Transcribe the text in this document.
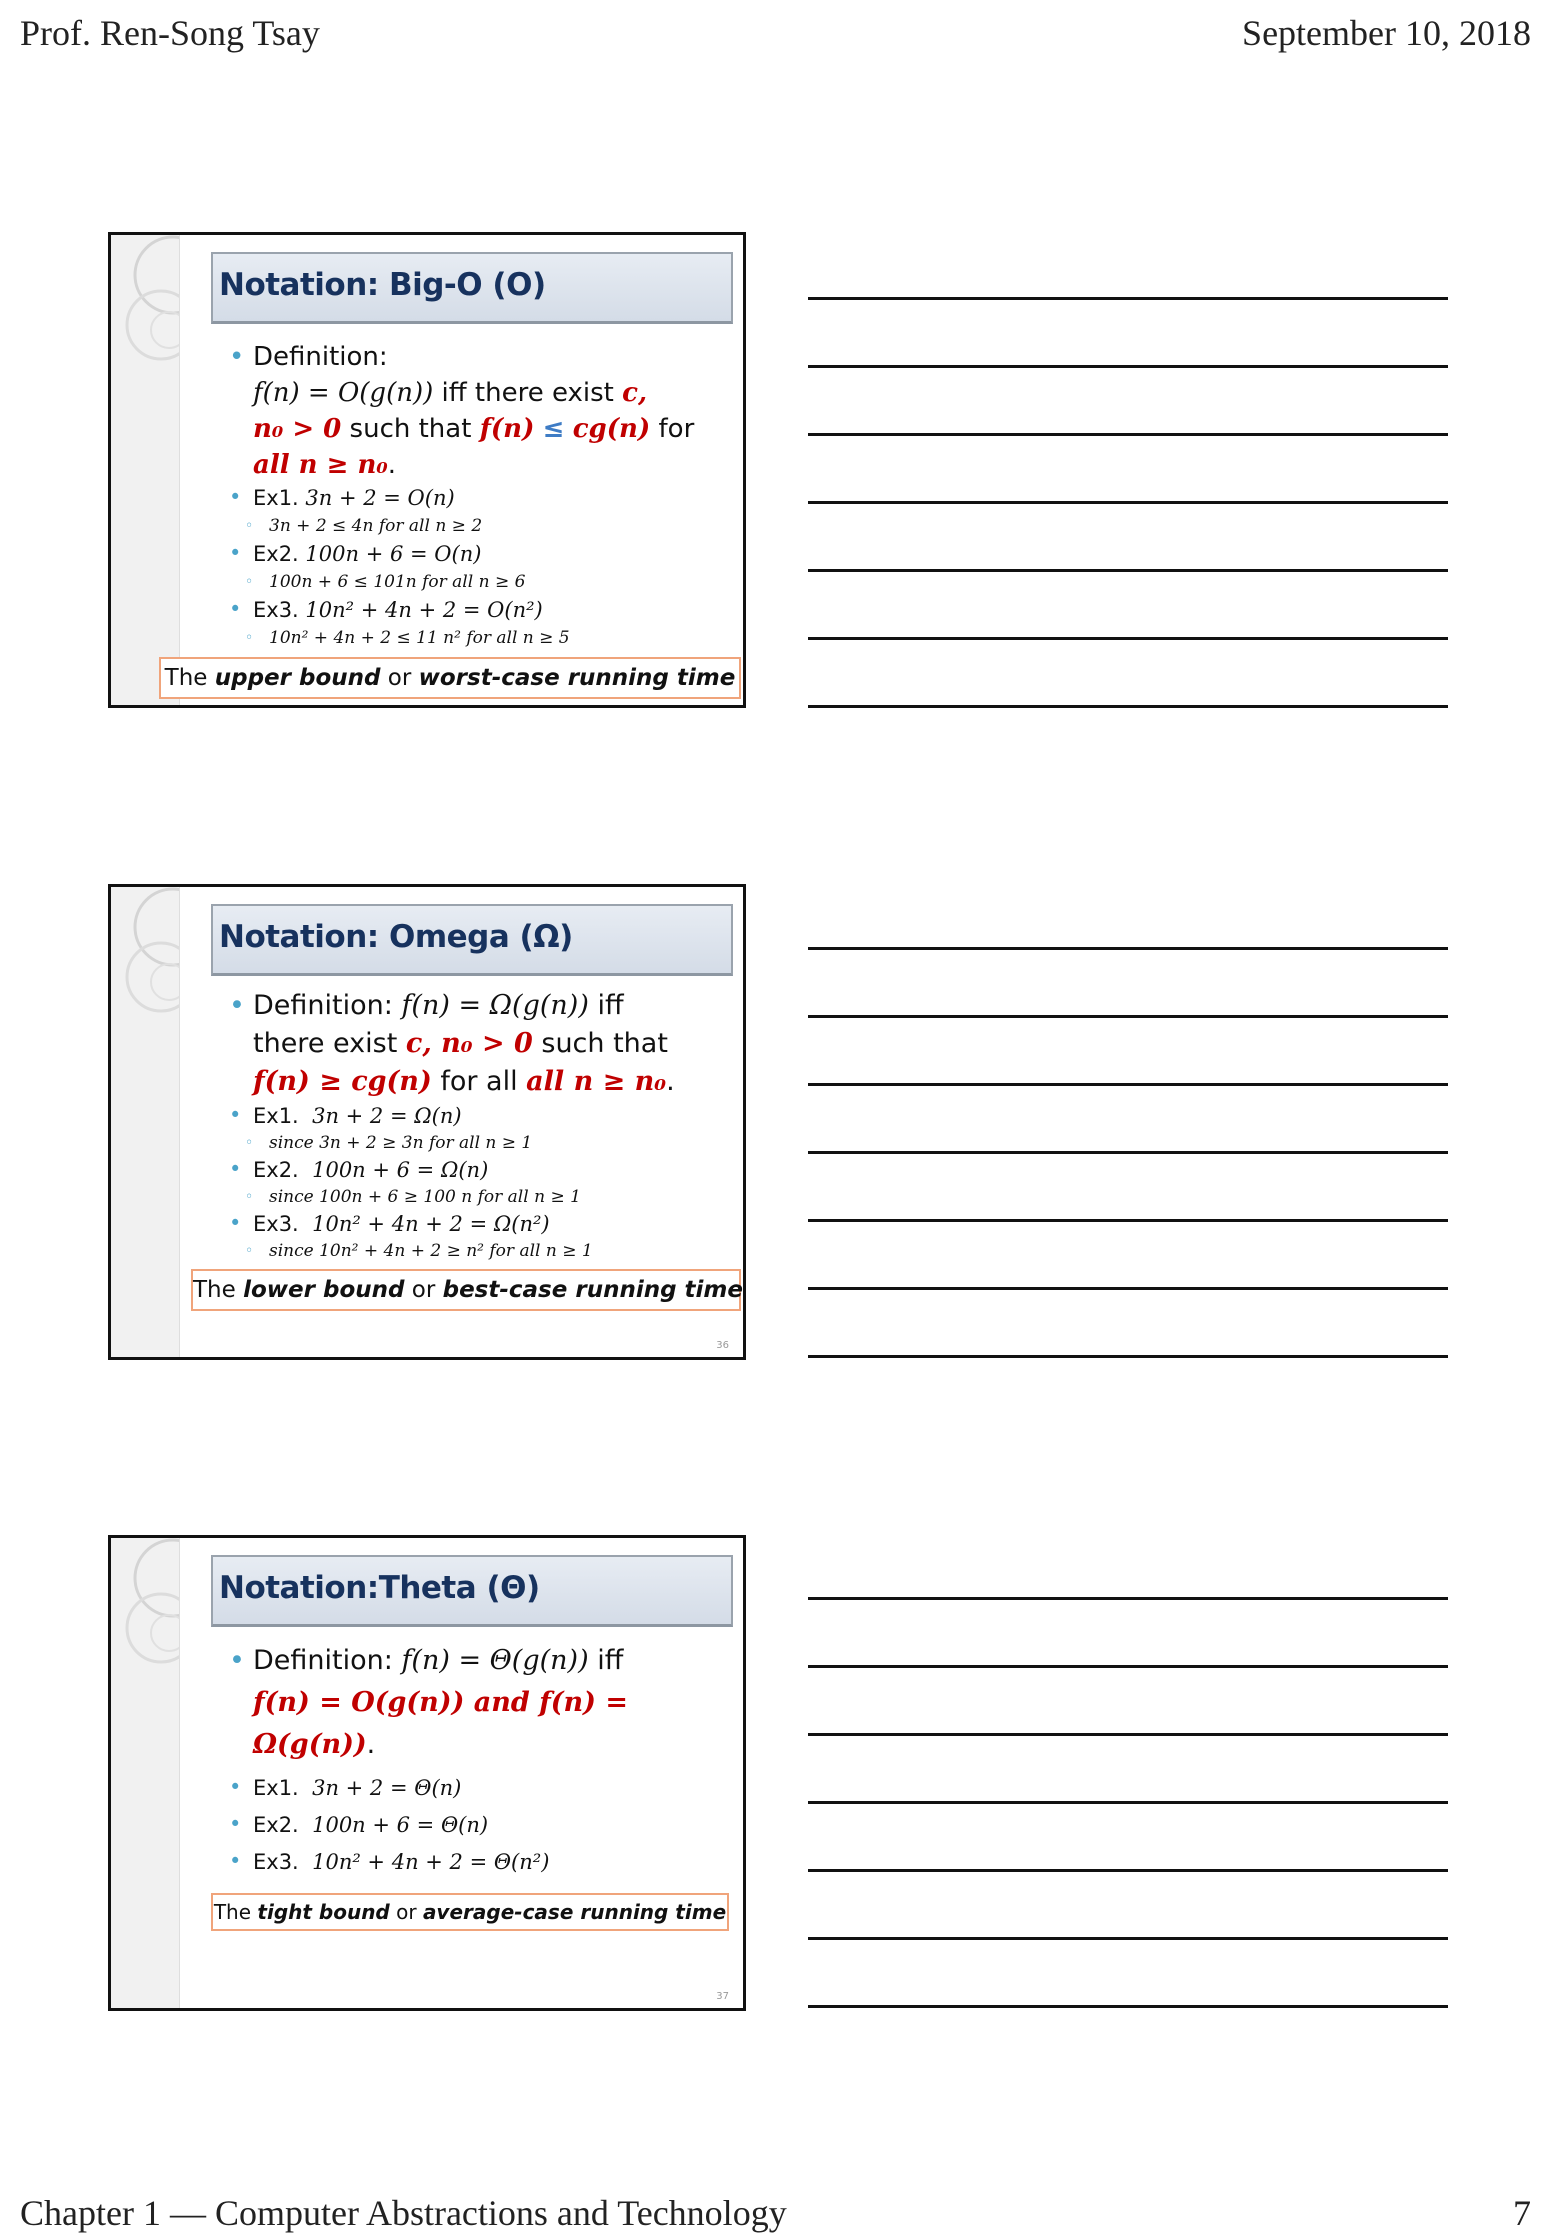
Prof. Ren-Song Tsay	September 10, 2018
Notation: Big-O (O)
• Definition:
f(n) = O(g(n)) iff there exist c,
n₀ > 0 such that f(n) ≤ cg(n) for
all n ≥ n₀.
• Ex1. 3n + 2 = O(n)
◦ 3n + 2 ≤ 4n for all n ≥ 2
• Ex2. 100n + 6 = O(n)
◦ 100n + 6 ≤ 101n for all n ≥ 6
• Ex3. 10n² + 4n + 2 = O(n²)
◦ 10n² + 4n + 2 ≤ 11 n² for all n ≥ 5
The upper bound or worst-case running time
Notation: Omega (Ω)
• Definition: f(n) = Ω(g(n)) iff
there exist c, n₀ > 0 such that
f(n) ≥ cg(n) for all all n ≥ n₀.
• Ex1. 3n + 2 = Ω(n)
◦ since 3n + 2 ≥ 3n for all n ≥ 1
• Ex2. 100n + 6 = Ω(n)
◦ since 100n + 6 ≥ 100 n for all n ≥ 1
• Ex3. 10n² + 4n + 2 = Ω(n²)
◦ since 10n² + 4n + 2 ≥ n² for all n ≥ 1
The lower bound or best-case running time
36
Notation:Theta (Θ)
• Definition: f(n) = Θ(g(n)) iff
f(n) = O(g(n)) and f(n) =
Ω(g(n)).
• Ex1. 3n + 2 = Θ(n)
• Ex2. 100n + 6 = Θ(n)
• Ex3. 10n² + 4n + 2 = Θ(n²)
The tight bound or average-case running time
37
Chapter 1 — Computer Abstractions and Technology	7
